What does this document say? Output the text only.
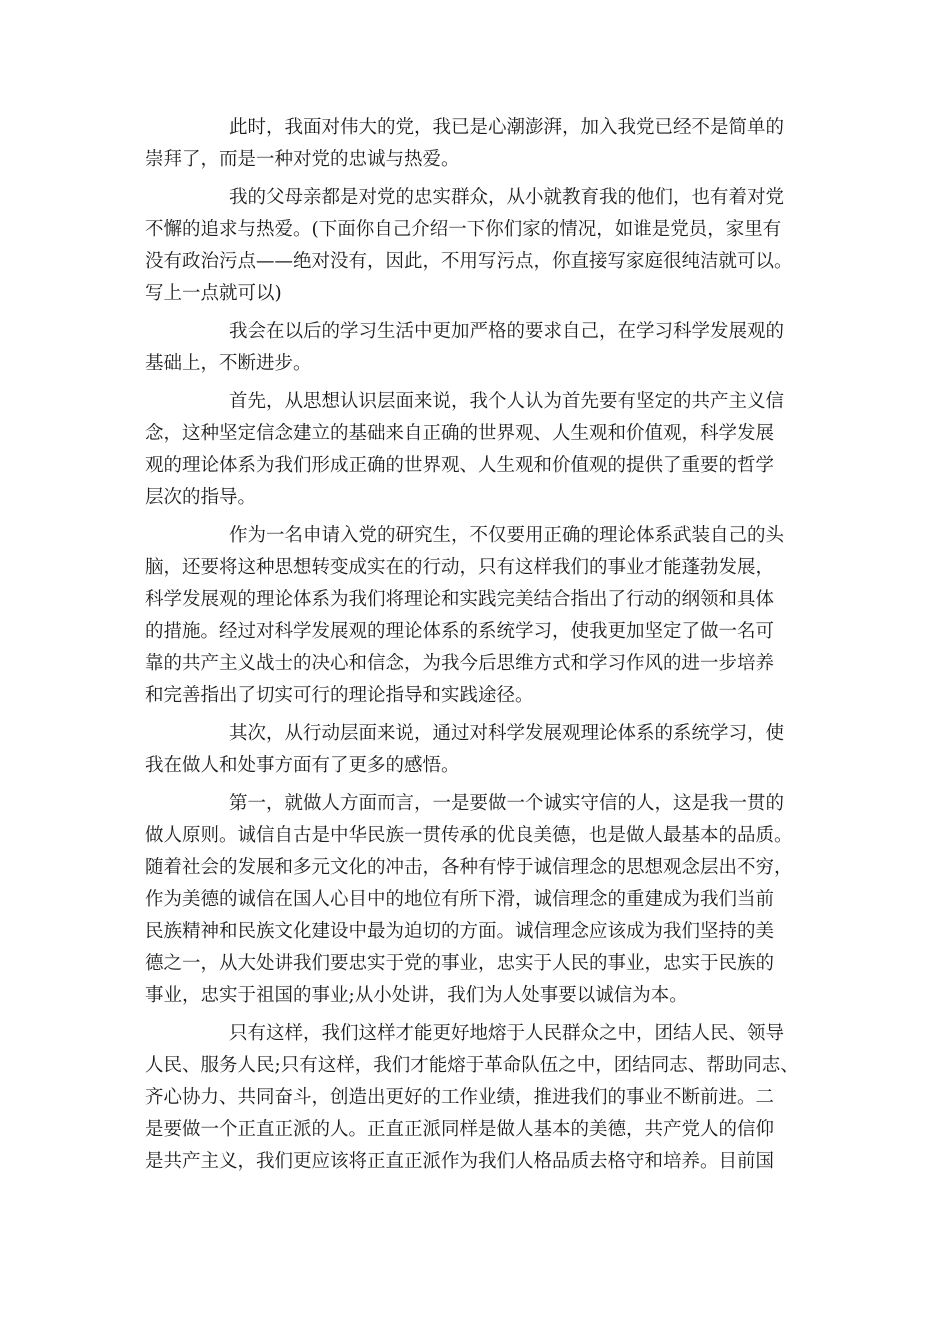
此时，我面对伟大的党，我已是心潮澎湃，加入我党已经不是简单的
崇拜了，而是一种对党的忠诚与热爱。
我的父母亲都是对党的忠实群众，从小就教育我的他们，也有着对党
不懈的追求与热爱。(下面你自己介绍一下你们家的情况，如谁是党员，家里有
没有政治污点——绝对没有，因此，不用写污点，你直接写家庭很纯洁就可以。
写上一点就可以)
我会在以后的学习生活中更加严格的要求自己，在学习科学发展观的
基础上，不断进步。
首先，从思想认识层面来说，我个人认为首先要有坚定的共产主义信
念，这种坚定信念建立的基础来自正确的世界观、人生观和价值观，科学发展
观的理论体系为我们形成正确的世界观、人生观和价值观的提供了重要的哲学
层次的指导。
作为一名申请入党的研究生，不仅要用正确的理论体系武装自己的头
脑，还要将这种思想转变成实在的行动，只有这样我们的事业才能蓬勃发展，
科学发展观的理论体系为我们将理论和实践完美结合指出了行动的纲领和具体
的措施。经过对科学发展观的理论体系的系统学习，使我更加坚定了做一名可
靠的共产主义战士的决心和信念，为我今后思维方式和学习作风的进一步培养
和完善指出了切实可行的理论指导和实践途径。
其次，从行动层面来说，通过对科学发展观理论体系的系统学习，使
我在做人和处事方面有了更多的感悟。
第一，就做人方面而言，一是要做一个诚实守信的人，这是我一贯的
做人原则。诚信自古是中华民族一贯传承的优良美德，也是做人最基本的品质。
随着社会的发展和多元文化的冲击，各种有悖于诚信理念的思想观念层出不穷，
作为美德的诚信在国人心目中的地位有所下滑，诚信理念的重建成为我们当前
民族精神和民族文化建设中最为迫切的方面。诚信理念应该成为我们坚持的美
德之一，从大处讲我们要忠实于党的事业，忠实于人民的事业，忠实于民族的
事业，忠实于祖国的事业;从小处讲，我们为人处事要以诚信为本。
只有这样，我们这样才能更好地熔于人民群众之中，团结人民、领导
人民、服务人民;只有这样，我们才能熔于革命队伍之中，团结同志、帮助同志、
齐心协力、共同奋斗，创造出更好的工作业绩，推进我们的事业不断前进。二
是要做一个正直正派的人。正直正派同样是做人基本的美德，共产党人的信仰
是共产主义，我们更应该将正直正派作为我们人格品质去格守和培养。目前国
